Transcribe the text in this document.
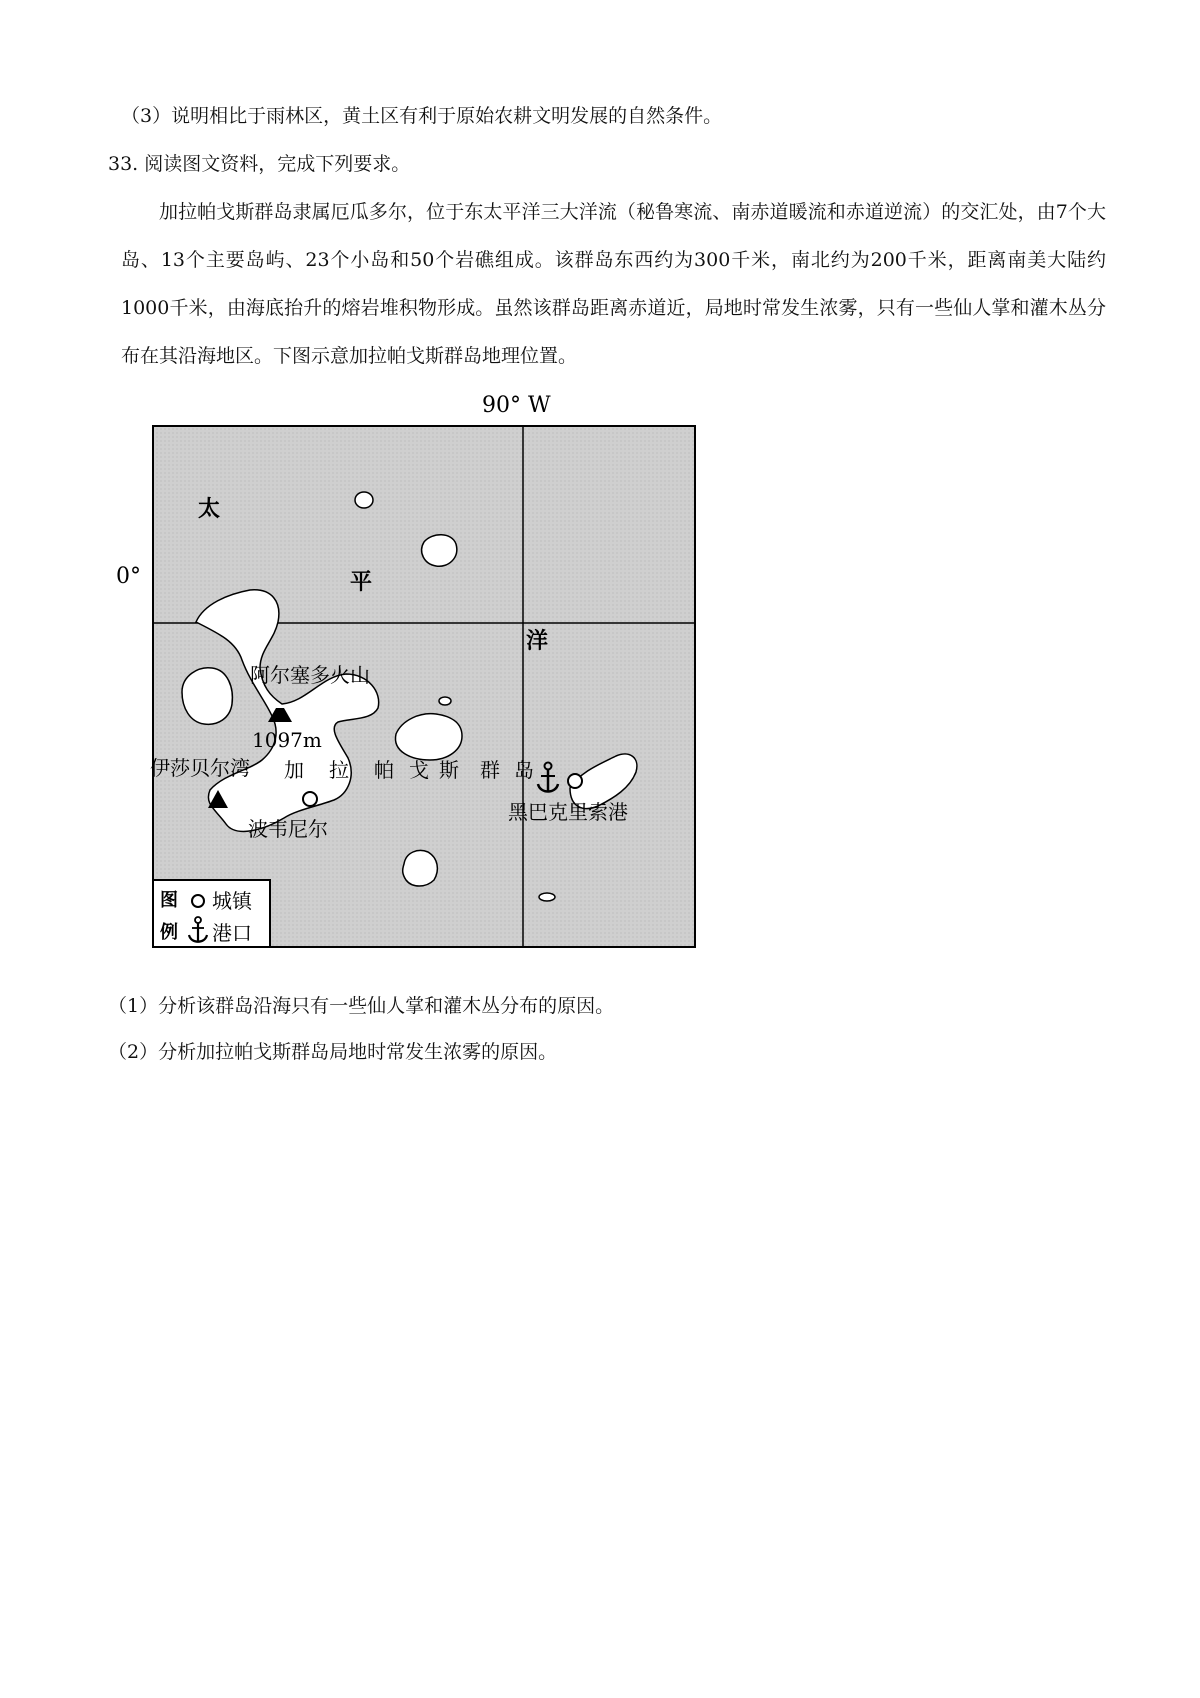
（3）说明相比于雨林区，黄土区有利于原始农耕文明发展的自然条件。
33. 阅读图文资料，完成下列要求。

加拉帕戈斯群岛隶属厄瓜多尔，位于东太平洋三大洋流（秘鲁寒流、南赤道暖流和赤道逆流）的交汇处，由7个大岛、13个主要岛屿、23个小岛和50个岩礁组成。该群岛东西约为300千米，南北约为200千米，距离南美大陆约1000千米，由海底抬升的熔岩堆积物形成。虽然该群岛距离赤道近，局地时常发生浓雾，只有一些仙人掌和灌木丛分布在其沿海地区。下图示意加拉帕戈斯群岛地理位置。

90° W
0°
太
平
洋
阿尔塞多火山
1097m
伊莎贝尔湾 加 拉 帕 戈 斯 群 岛
波韦尼尔
黑巴克里索港
图
例
城镇
港口
（1）分析该群岛沿海只有一些仙人掌和灌木丛分布的原因。
（2）分析加拉帕戈斯群岛局地时常发生浓雾的原因。
